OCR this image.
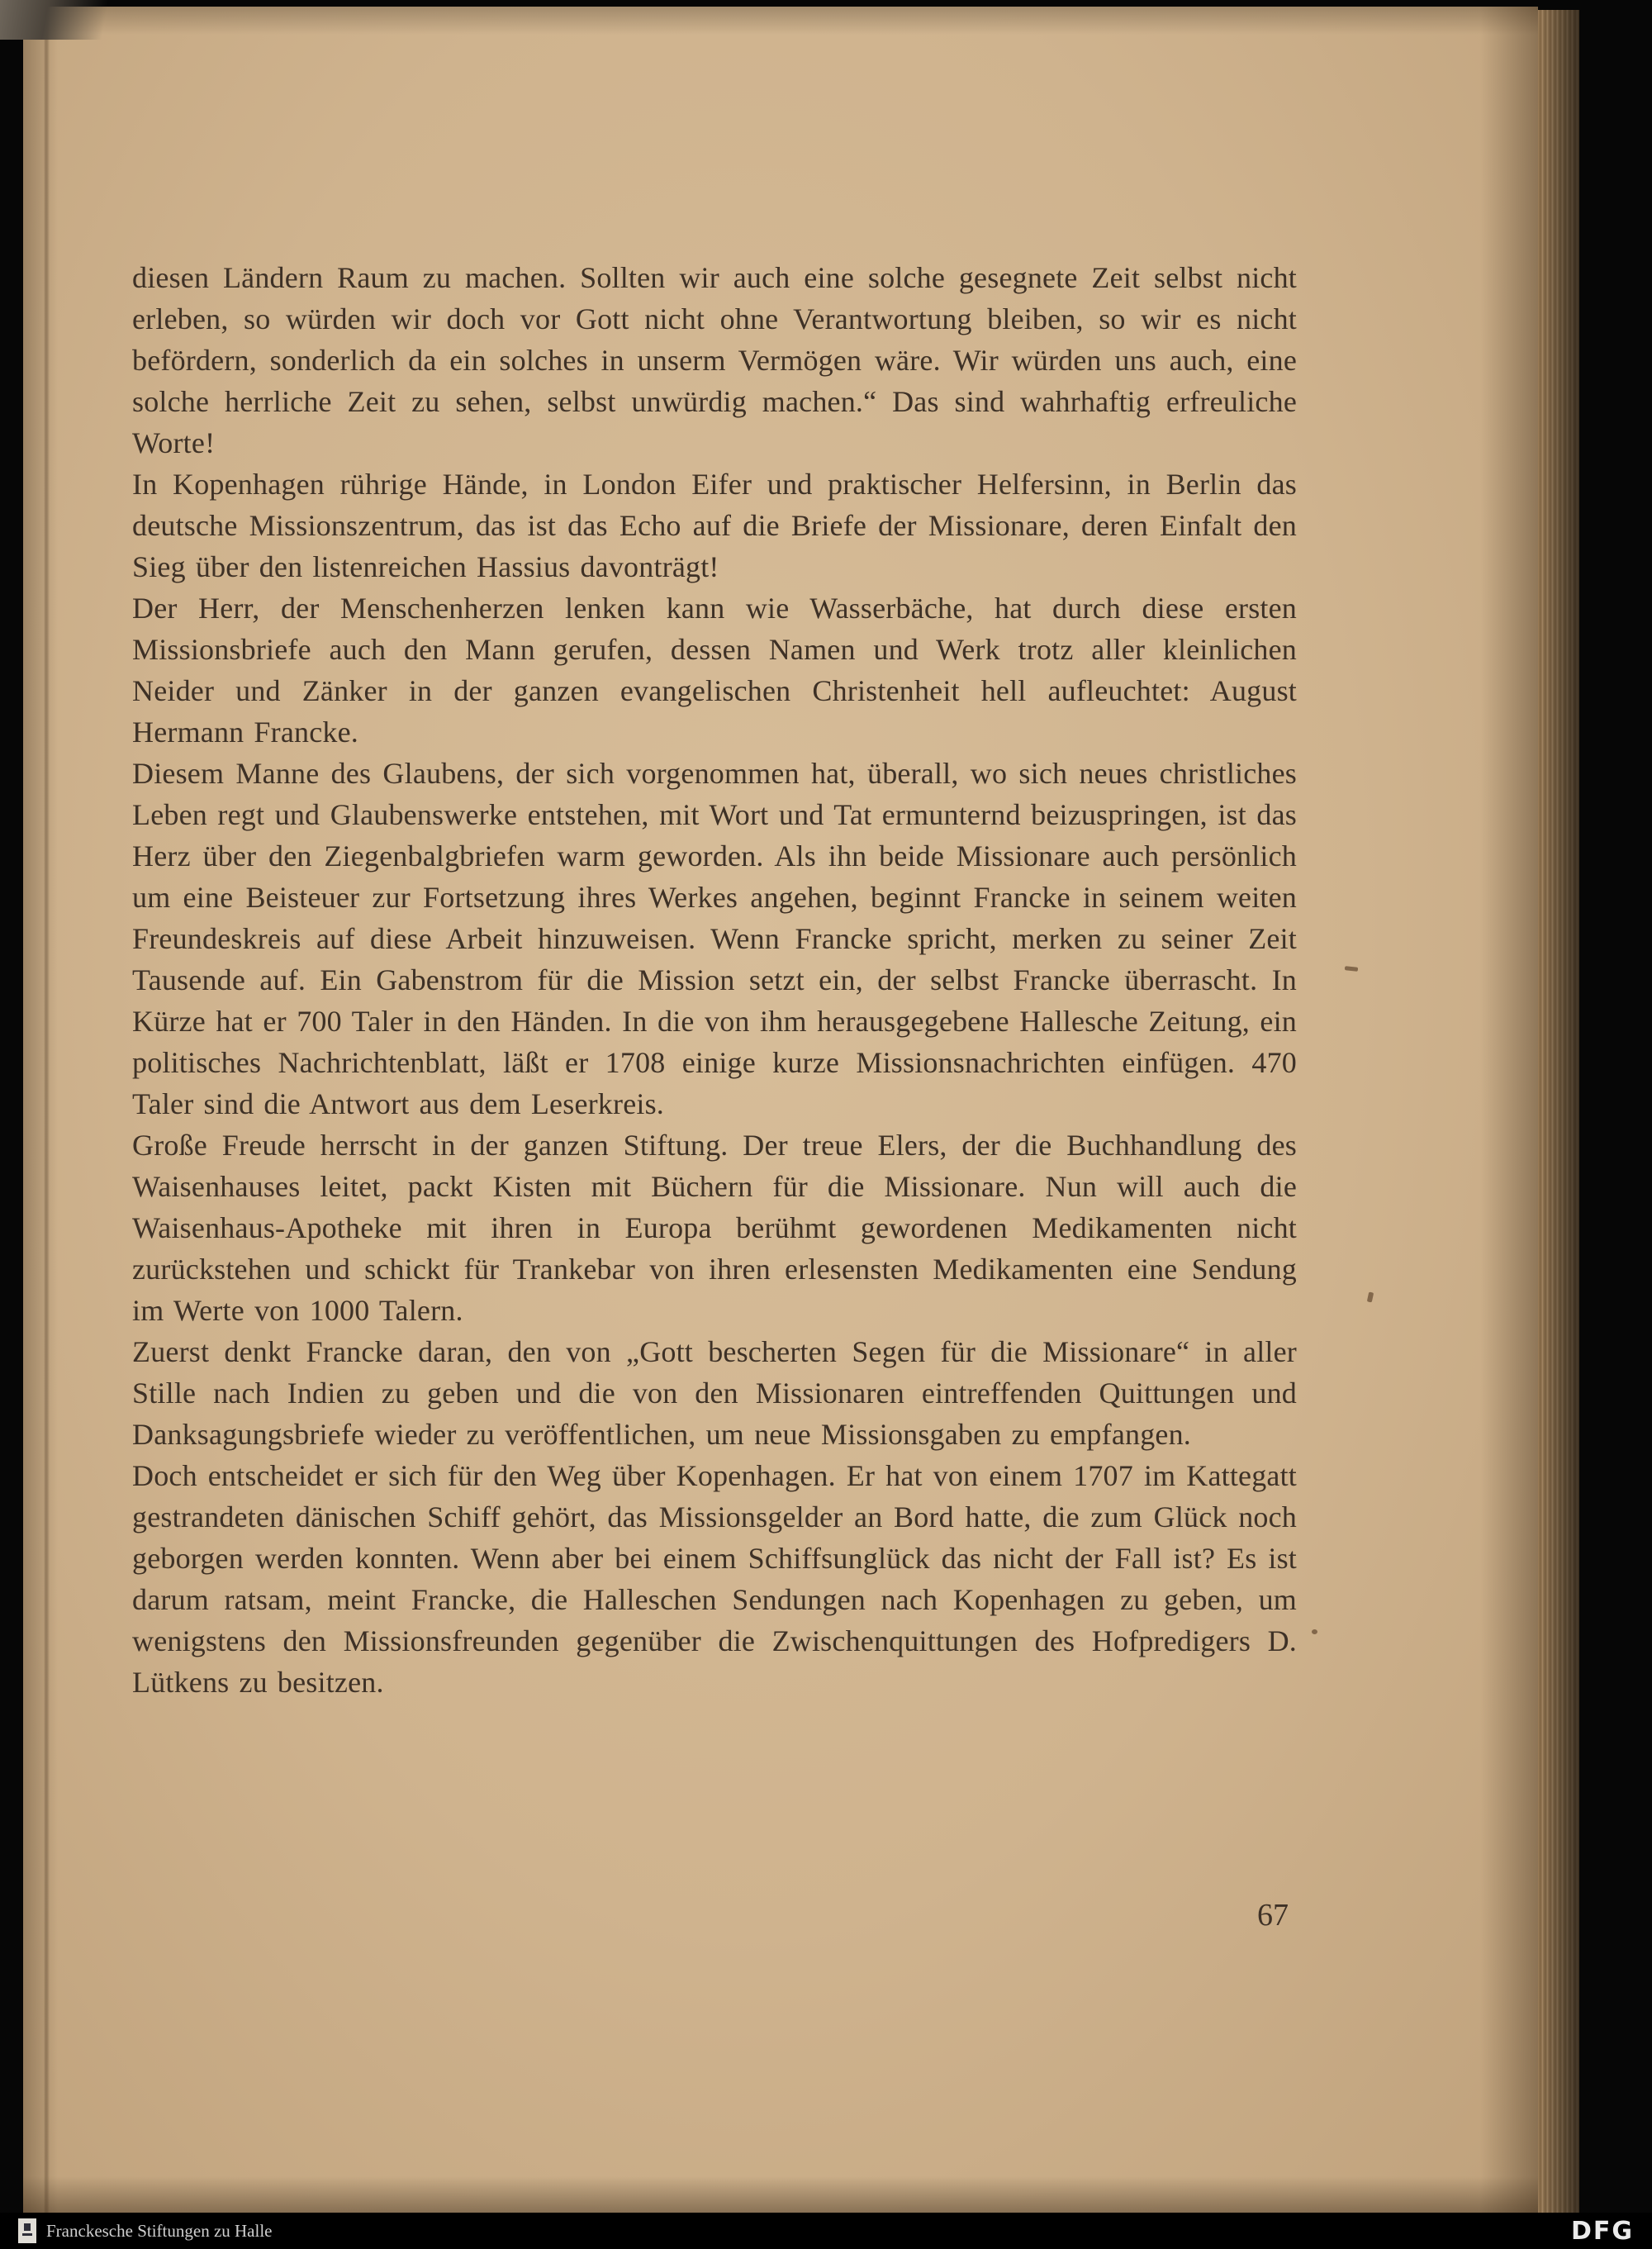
diesen Ländern Raum zu machen. Sollten wir auch eine solche gesegnete Zeit selbst nicht erleben, so würden wir doch vor Gott nicht ohne Verantwortung bleiben, so wir es nicht befördern, sonderlich da ein solches in unserm Vermögen wäre. Wir würden uns auch, eine solche herrliche Zeit zu sehen, selbst unwürdig machen.“ Das sind wahrhaftig erfreuliche Worte!

In Kopenhagen rührige Hände, in London Eifer und praktischer Helfersinn, in Berlin das deutsche Missionszentrum, das ist das Echo auf die Briefe der Missionare, deren Einfalt den Sieg über den listenreichen Hassius davonträgt!

Der Herr, der Menschenherzen lenken kann wie Wasserbäche, hat durch diese ersten Missionsbriefe auch den Mann gerufen, dessen Namen und Werk trotz aller kleinlichen Neider und Zänker in der ganzen evangelischen Christenheit hell aufleuchtet: August Hermann Francke.

Diesem Manne des Glaubens, der sich vorgenommen hat, überall, wo sich neues christliches Leben regt und Glaubenswerke entstehen, mit Wort und Tat ermunternd beizuspringen, ist das Herz über den Ziegenbalgbriefen warm geworden. Als ihn beide Missionare auch persönlich um eine Beisteuer zur Fortsetzung ihres Werkes angehen, beginnt Francke in seinem weiten Freundeskreis auf diese Arbeit hinzuweisen. Wenn Francke spricht, merken zu seiner Zeit Tausende auf. Ein Gabenstrom für die Mission setzt ein, der selbst Francke überrascht. In Kürze hat er 700 Taler in den Händen. In die von ihm herausgegebene Hallesche Zeitung, ein politisches Nachrichtenblatt, läßt er 1708 einige kurze Missionsnachrichten einfügen. 470 Taler sind die Antwort aus dem Leserkreis.

Große Freude herrscht in der ganzen Stiftung. Der treue Elers, der die Buchhandlung des Waisenhauses leitet, packt Kisten mit Büchern für die Missionare. Nun will auch die Waisenhaus-Apotheke mit ihren in Europa berühmt gewordenen Medikamenten nicht zurückstehen und schickt für Trankebar von ihren erlesensten Medikamenten eine Sendung im Werte von 1000 Talern.

Zuerst denkt Francke daran, den von „Gott bescherten Segen für die Missionare“ in aller Stille nach Indien zu geben und die von den Missionaren eintreffenden Quittungen und Danksagungsbriefe wieder zu veröffentlichen, um neue Missionsgaben zu empfangen.

Doch entscheidet er sich für den Weg über Kopenhagen. Er hat von einem 1707 im Kattegatt gestrandeten dänischen Schiff gehört, das Missionsgelder an Bord hatte, die zum Glück noch geborgen werden konnten. Wenn aber bei einem Schiffsunglück das nicht der Fall ist? Es ist darum ratsam, meint Francke, die Halleschen Sendungen nach Kopenhagen zu geben, um wenigstens den Missionsfreunden gegenüber die Zwischenquittungen des Hofpredigers D. Lütkens zu besitzen.

67
Franckesche Stiftungen zu Halle	DFG
